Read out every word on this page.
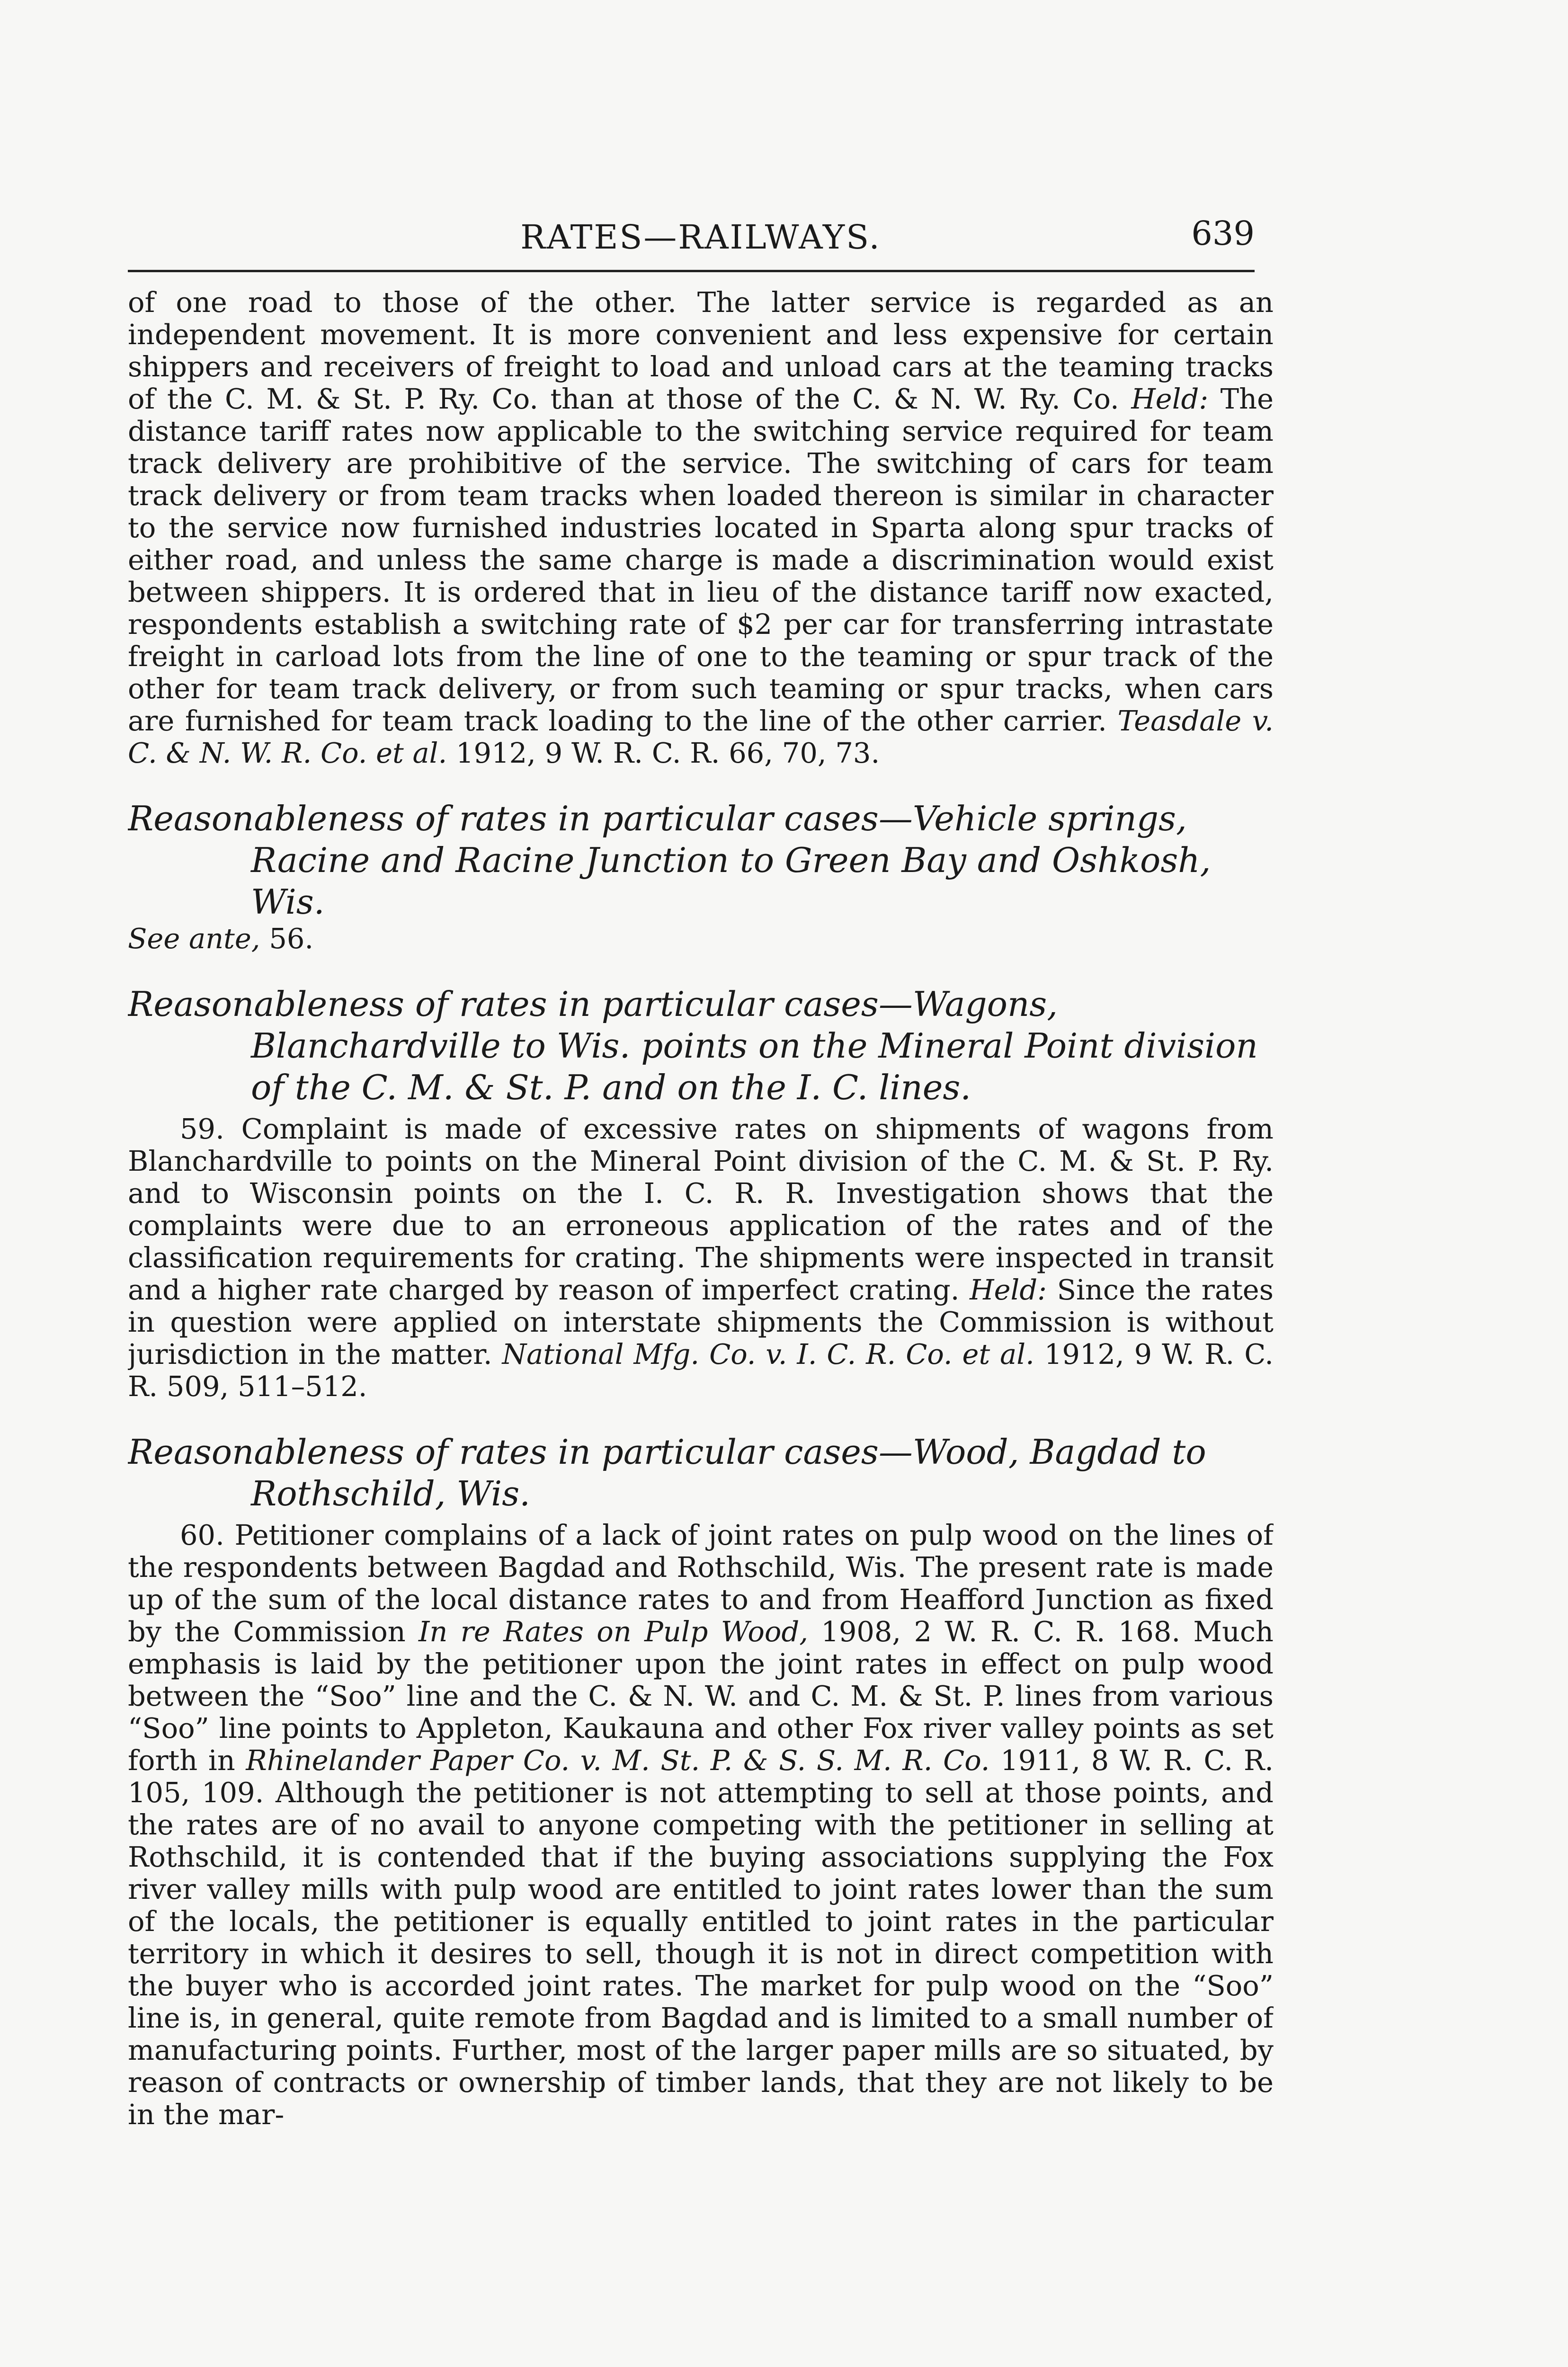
RATES—RAILWAYS.	639

of one road to those of the other. The latter service is regarded as an independent movement. It is more convenient and less expensive for certain shippers and receivers of freight to load and unload cars at the teaming tracks of the C. M. & St. P. Ry. Co. than at those of the C. & N. W. Ry. Co. Held: The distance tariff rates now applicable to the switching service required for team track delivery are prohibitive of the service. The switching of cars for team track delivery or from team tracks when loaded thereon is similar in character to the service now furnished industries located in Sparta along spur tracks of either road, and unless the same charge is made a discrimination would exist between shippers. It is ordered that in lieu of the distance tariff now exacted, respondents establish a switching rate of $2 per car for transferring intrastate freight in carload lots from the line of one to the teaming or spur track of the other for team track delivery, or from such teaming or spur tracks, when cars are furnished for team track loading to the line of the other carrier. Teasdale v. C. & N. W. R. Co. et al. 1912, 9 W. R. C. R. 66, 70, 73.

Reasonableness of rates in particular cases—Vehicle springs, Racine and Racine Junction to Green Bay and Oshkosh, Wis.

See ante, 56.

Reasonableness of rates in particular cases—Wagons, Blanchardville to Wis. points on the Mineral Point division of the C. M. & St. P. and on the I. C. lines.

59. Complaint is made of excessive rates on shipments of wagons from Blanchardville to points on the Mineral Point division of the C. M. & St. P. Ry. and to Wisconsin points on the I. C. R. R. Investigation shows that the complaints were due to an erroneous application of the rates and of the classification requirements for crating. The shipments were inspected in transit and a higher rate charged by reason of imperfect crating. Held: Since the rates in question were applied on interstate shipments the Commission is without jurisdiction in the matter. National Mfg. Co. v. I. C. R. Co. et al. 1912, 9 W. R. C. R. 509, 511–512.

Reasonableness of rates in particular cases—Wood, Bagdad to Rothschild, Wis.

60. Petitioner complains of a lack of joint rates on pulp wood on the lines of the respondents between Bagdad and Rothschild, Wis. The present rate is made up of the sum of the local distance rates to and from Heafford Junction as fixed by the Commission In re Rates on Pulp Wood, 1908, 2 W. R. C. R. 168. Much emphasis is laid by the petitioner upon the joint rates in effect on pulp wood between the “Soo” line and the C. & N. W. and C. M. & St. P. lines from various “Soo” line points to Appleton, Kaukauna and other Fox river valley points as set forth in Rhinelander Paper Co. v. M. St. P. & S. S. M. R. Co. 1911, 8 W. R. C. R. 105, 109. Although the petitioner is not attempting to sell at those points, and the rates are of no avail to anyone competing with the petitioner in selling at Rothschild, it is contended that if the buying associations supplying the Fox river valley mills with pulp wood are entitled to joint rates lower than the sum of the locals, the petitioner is equally entitled to joint rates in the particular territory in which it desires to sell, though it is not in direct competition with the buyer who is accorded joint rates. The market for pulp wood on the “Soo” line is, in general, quite remote from Bagdad and is limited to a small number of manufacturing points. Further, most of the larger paper mills are so situated, by reason of contracts or ownership of timber lands, that they are not likely to be in the mar-
